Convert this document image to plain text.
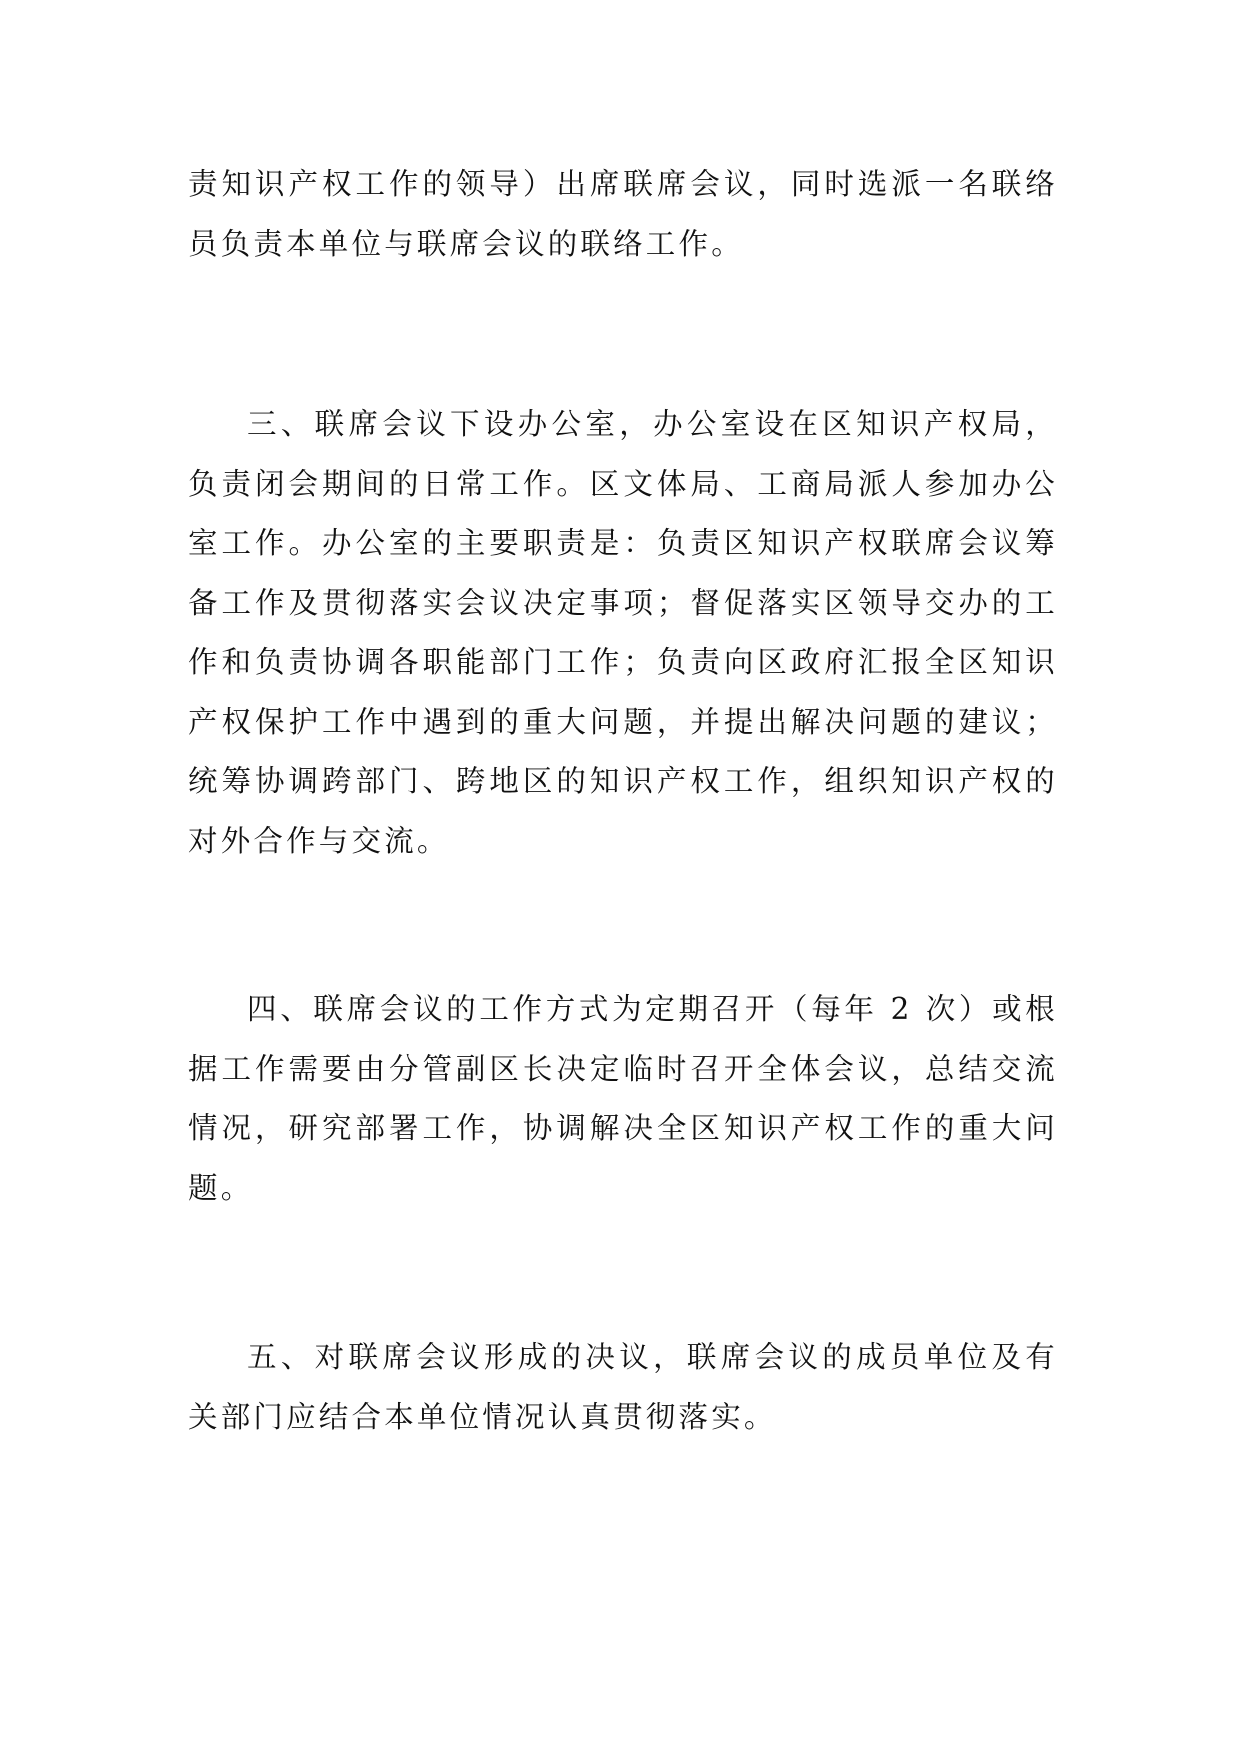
责知识产权工作的领导）出席联席会议，同时选派一名联络员负责本单位与联席会议的联络工作。

三、联席会议下设办公室，办公室设在区知识产权局，负责闭会期间的日常工作。区文体局、工商局派人参加办公室工作。办公室的主要职责是：负责区知识产权联席会议筹备工作及贯彻落实会议决定事项；督促落实区领导交办的工作和负责协调各职能部门工作；负责向区政府汇报全区知识产权保护工作中遇到的重大问题，并提出解决问题的建议；统筹协调跨部门、跨地区的知识产权工作，组织知识产权的对外合作与交流。

四、联席会议的工作方式为定期召开（每年 2 次）或根据工作需要由分管副区长决定临时召开全体会议，总结交流情况，研究部署工作，协调解决全区知识产权工作的重大问题。

五、对联席会议形成的决议，联席会议的成员单位及有关部门应结合本单位情况认真贯彻落实。
